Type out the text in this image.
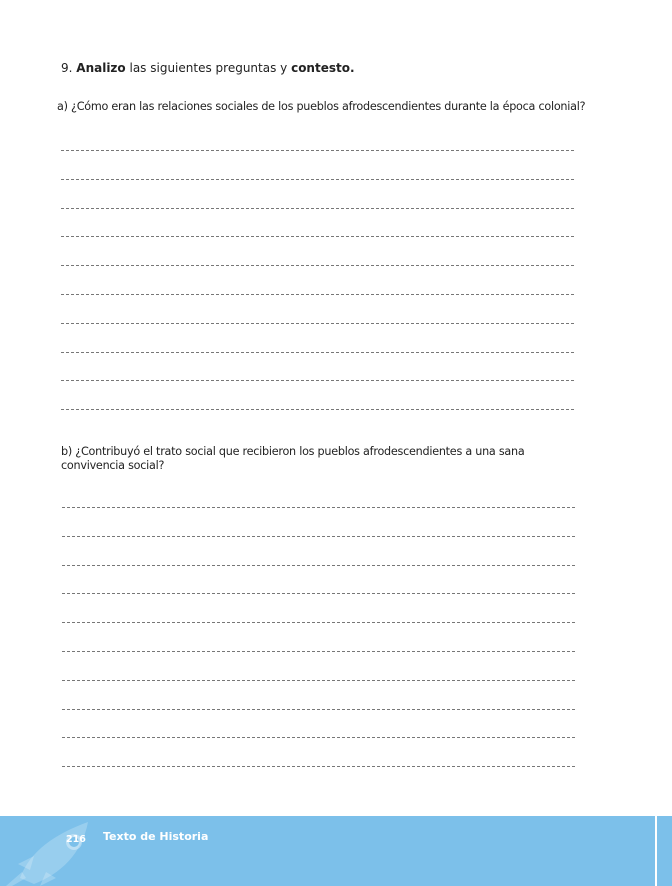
9. Analizo las siguientes preguntas y contesto.

a) ¿Cómo eran las relaciones sociales de los pueblos afrodescendientes durante la época colonial?

b) ¿Contribuyó el trato social que recibieron los pueblos afrodescendientes a una sana convivencia social?

216 Texto de Historia
